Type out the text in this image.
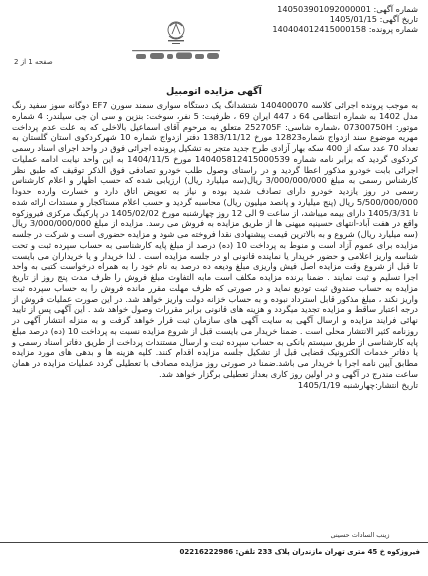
شماره آگهی: 140503901092000001
تاریخ آگهی: 1405/01/15
شماره پرونده: 140404012415000158
صفحه 1 از 2
آگهی مزایده اتومبیل
به موجب پرونده اجرائی کلاسه 140400070 شتشدانگ یک دستگاه سواری سمند سورن EF7 دوگانه سوز سفید رنگ مدل 1402 به شماره انتظامی 64 د 447 ایران 69 ، ظرفیت: 5 نفر، سوخت: بنزین و سی ان جی سیلندر: 4 شماره موتور: 07300750H ،شماره شاسی: 252705F متعلق به مرحوم آقای اسماعیل بالاخلی که به علت عدم پرداخت مهریه موضوع سند ازدواج شماره12823 مورخ 1383/11/12 دفتر ازدواج شماره 10 شهرکردکوی استان گلستان به تعداد 70 عدد سکه از 400 سکه بهار آزادی طرح جدید متجر به تشکیل پرونده اجرائی فوق در واحد اجرای اسناد رسمی کردکوی گردید که برابر نامه شماره 140405812415000539 مورخ 1404/11/5 به این واحد نیابت ادامه عملیات اجرائی بابت خودرو مذکور اعطا گردید و در راستای وصول طلب خودرو تصادفی فوق الذکر توقیف که طبق نظر کارشناس رسمی به مبلغ 3/000/000/000 ریال(سه میلیارد ریال) ارزیابی شده که حسب اظهار و اعلام کارشناس رسمی در روز یازدید خودرو دارای تصادف شدید بوده و نیاز به تعویض اتاق دارد و خسارت وارده حدودا 5/500/000/000 ریال (پنج میلیارد و پانصد میلیون ریال) محاسبه گردید و حسب اعلام مستاکجار و مستدات ارائه شده تا 1405/3/31 دارای بیمه میباشد، از ساعت 9 الی 12 روز چهارشنبه مورخ 1405/02/02 در پارکینگ مرکزی فیروزکوه واقع در هفت آباد-انتهای حسینیه میهنی ها از طریق مزایده به فروش می رسد. مزایده از مبلغ 3/000/000/000 ریال (سه میلیارد ریال) شروع و به بالاترین قیمت پیشنهادی نقدا فروخته می شود و مزایده حضوری است و شرکت در جلسه مزایده برای عموم آزاد است و منوط به پرداخت 10 (ده) درصد از مبلغ پایه کارشناسی به حساب سپرده ثبت و تحت شناسه واریز اعلامی و حضور خریدار یا نماینده قانونی او در جلسه مزایده است . لذا خریدار و یا خریداران می بایست تا قبل از شروع وقت مزایده اصل فیش واریزی مبلغ ودیعه ده درصد به نام خود را به همراه درخواست کتبی به واحد اجرا تسلیم و ثبت نمایند . ضمنا برنده مزایده مکلف است مابه التفاوت مبلغ فروش را ظرف مدت پنج روز از تاریخ مزایده به حساب صندوق ثبت تودیع نماید و در صورتی که ظرف مهلت مقرر مانده فروش را به حساب سپرده ثبت واریز نکند ، مبلغ مذکور قابل استرداد نبوده و به حساب خزانه دولت واریز خواهد شد. در این صورت عملیات فروش از درجه اعتبار ساقط و مزایده تجدید میگردد و هزینه های قانونی برابر مقررات وصول خواهد شد . این آگهی پس از تایید نهائی فرایند مزایده و ارسال آگهی به سایت آگهی های سازمان ثبت قرار خواهد گرفت و به منزله انتشار آگهی در روزنامه کثیر الانتشار محلی است . ضمنا خریدار می بایست قبل از شروع مزایده نسبت به پرداخت 10 (ده) درصد مبلغ پایه کارشناسی از طریق سیستم بانکی به حساب سپرده ثبت و ارسال مستندات پرداخت از طریق دفاتر اسناد رسمی و یا دفاتر خدمات الکترونیک قضایی قبل از تشکیل جلسه مزایده اقدام کنند. کلیه هزینه ها و بدهی های مورد مزایده مطابق آیین نامه اجرا با خریدار می باشد.ضمنا در صورتی روز مزایده مصادف با تعطیلی گردد عملیات مزایده در همان ساعت مندرج در آگهی و در اولین روز کاری بعداز تعطیلی برگزار خواهد شد.
تاریخ انتشار:چهارشنبه 1405/1/19
زینب السادات حسینی
فیروزکوه خ 45 متری تهران مازندران پلاک 233 تلفن: 02216222986
